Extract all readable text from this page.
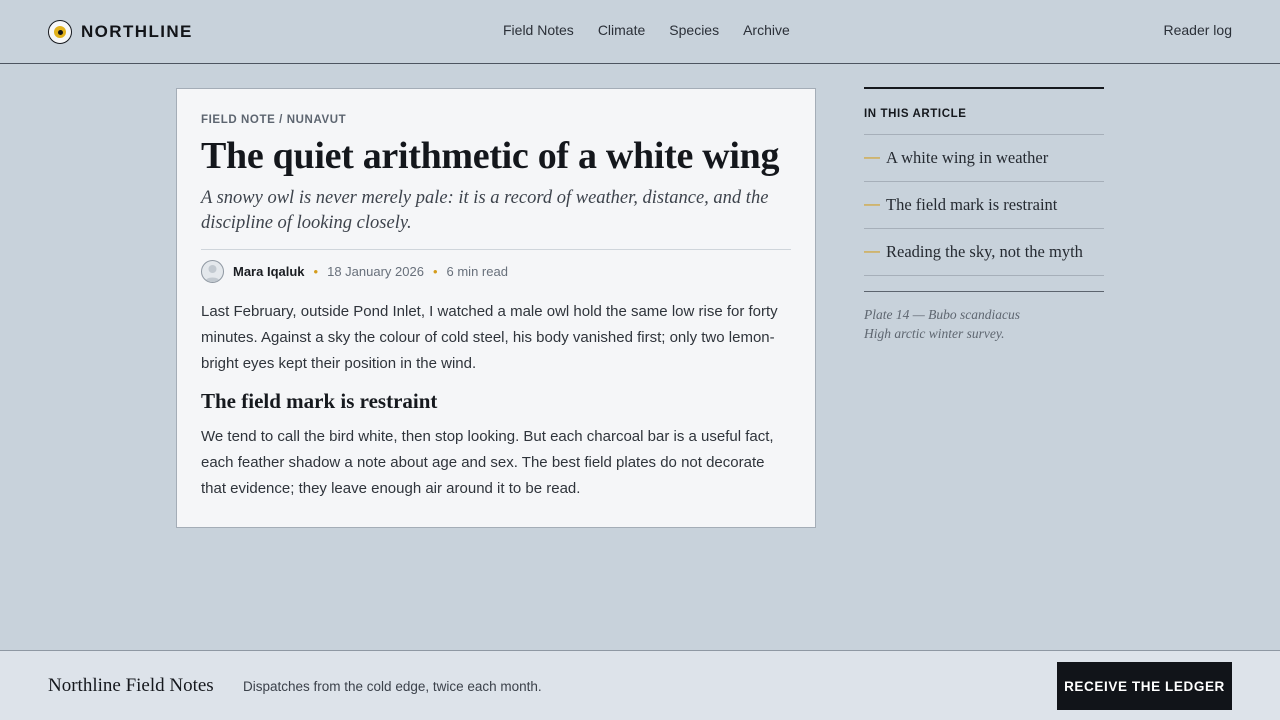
NORTHLINE	Field Notes Climate Species Archive	Reader log
FIELD NOTE / NUNAVUT
The quiet arithmetic of a white wing

A snowy owl is never merely pale: it is a record of weather, distance, and the discipline of looking closely.

Mara Iqaluk • 18 January 2026 • 6 min read

Last February, outside Pond Inlet, I watched a male owl hold the same low rise for forty minutes. Against a sky the colour of cold steel, his body vanished first; only two lemon-bright eyes kept their position in the wind.

The field mark is restraint

We tend to call the bird white, then stop looking. But each charcoal bar is a useful fact, each feather shadow a note about age and sex. The best field plates do not decorate that evidence; they leave enough air around it to be read.

IN THIS ARTICLE
— A white wing in weather
— The field mark is restraint
— Reading the sky, not the myth
Plate 14 — Bubo scandiacus
High arctic winter survey.
Northline Field Notes Dispatches from the cold edge, twice each month.	RECEIVE THE LEDGER
